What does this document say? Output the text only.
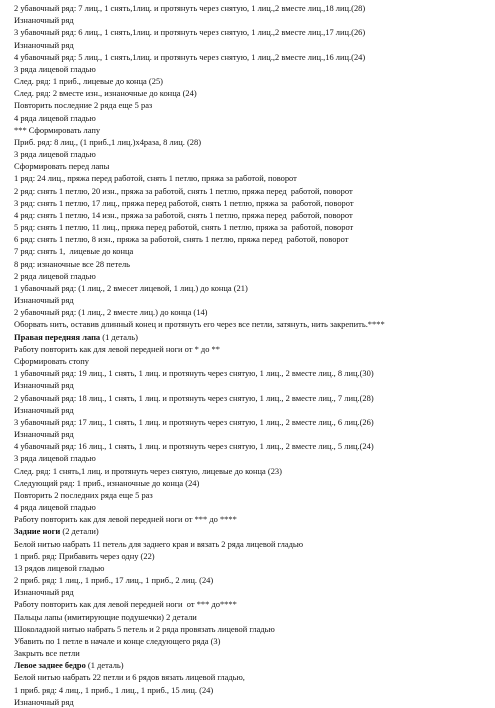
2 убавочный ряд: 7 лиц., 1 снять,1лиц. и протянуть через снятую, 1 лиц.,2 вместе лиц.,18 лиц.(28)
Изнаночный ряд
3 убавочный ряд: 6 лиц., 1 снять,1лиц. и протянуть через снятую, 1 лиц.,2 вместе лиц.,17 лиц.(26)
Изнаночный ряд
4 убавочный ряд: 5 лиц., 1 снять,1лиц. и протянуть через снятую, 1 лиц.,2 вместе лиц.,16 лиц.(24)
3 ряда лицевой гладью
След. ряд: 1 приб., лицевые до конца (25)
След. ряд: 2 вместе изн., изнаночные до конца (24)
Повторить последние 2 ряда еще 5 раз
4 ряда лицевой гладью
*** Сформировать лапу
Приб. ряд: 8 лиц., (1 приб.,1 лиц.)х4раза, 8 лиц. (28)
3 ряда лицевой гладью
Сформировать перед лапы
1 ряд: 24 лиц., пряжа перед работой, снять 1 петлю, пряжа за работой, поворот
2 ряд: снять 1 петлю, 20 изн., пряжа за работой, снять 1 петлю, пряжа перед  работой, поворот
3 ряд: снять 1 петлю, 17 лиц., пряжа перед работой, снять 1 петлю, пряжа за  работой, поворот
4 ряд: снять 1 петлю, 14 изн., пряжа за работой, снять 1 петлю, пряжа перед  работой, поворот
5 ряд: снять 1 петлю, 11 лиц., пряжа перед работой, снять 1 петлю, пряжа за  работой, поворот
6 ряд: снять 1 петлю, 8 изн., пряжа за работой, снять 1 петлю, пряжа перед  работой, поворот
7 ряд: снять 1,  лицевые до конца
8 ряд: изнаночные все 28 петель
2 ряда лицевой гладью
1 убавочный ряд: (1 лиц., 2 вмесет лицевой, 1 лиц.) до конца (21)
Изнаночный ряд
2 убавочный ряд: (1 лиц., 2 вместе лиц.) до конца (14)
Оборвать нить, оставив длинный конец и протянуть его через все петли, затянуть, нить закрепить.****
Правая передняя лапа (1 деталь)
Работу повторить как для левой передней ноги от * до **
Сформировать стопу
1 убавочный ряд: 19 лиц., 1 снять, 1 лиц. и протянуть через снятую, 1 лиц., 2 вместе лиц., 8 лиц.(30)
Изнаночный ряд
2 убавочный ряд: 18 лиц., 1 снять, 1 лиц. и протянуть через снятую, 1 лиц., 2 вместе лиц., 7 лиц.(28)
Изнаночный ряд
3 убавочный ряд: 17 лиц., 1 снять, 1 лиц. и протянуть через снятую, 1 лиц., 2 вместе лиц., 6 лиц.(26)
Изнаночный ряд
4 убавочный ряд: 16 лиц., 1 снять, 1 лиц. и протянуть через снятую, 1 лиц., 2 вместе лиц., 5 лиц.(24)
3 ряда лицевой гладью
След. ряд: 1 снять,1 лиц. и протянуть через снятую, лицевые до конца (23)
Следующий ряд: 1 приб., изнаночные до конца (24)
Повторить 2 последних ряда еще 5 раз
4 ряда лицевой гладью
Работу повторить как для левой передней ноги от *** до ****
Задние ноги (2 детали)
Белой нитью набрать 11 петель для заднего края и вязать 2 ряда лицевой гладью
1 приб. ряд: Прибавить через одну (22)
13 рядов лицевой гладью
2 приб. ряд: 1 лиц., 1 приб., 17 лиц., 1 приб., 2 лиц. (24)
Изнаночный ряд
Работу повторить как для левой передней ноги  от *** до****
Пальцы лапы (имитирующие подушечки) 2 детали
Шоколадной нитью набрать 5 петель и 2 ряда провязать лицевой гладью
Убавить по 1 петле в начале и конце следующего ряда (3)
Закрыть все петли
Левое заднее бедро (1 деталь)
Белой нитью набрать 22 петли и 6 рядов вязать лицевой гладью,
1 приб. ряд: 4 лиц., 1 приб., 1 лиц., 1 приб., 15 лиц. (24)
Изнаночный ряд
